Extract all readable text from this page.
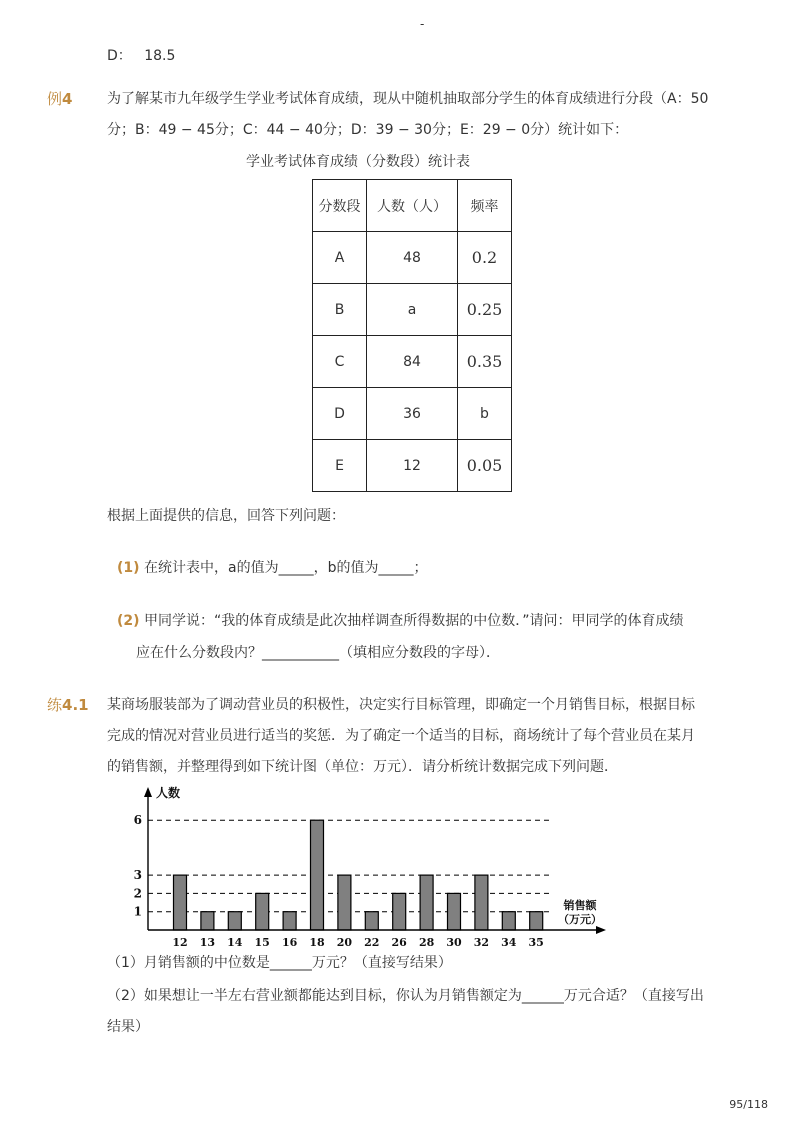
-
D： 18.5
例4 为了解某市九年级学生学业考试体育成绩，现从中随机抽取部分学生的体育成绩进行分段（A：50
分；B：49 − 45分；C：44 − 40分；D：39 − 30分；E：29 − 0分）统计如下：
学业考试体育成绩（分数段）统计表
分数段	人数（人）	频率
A	48	0.2
B	a	0.25
C	84	0.35
D	36	b
E	12	0.05
根据上面提供的信息，回答下列问题：
(1) 在统计表中，a的值为_____，b的值为_____；
(2) 甲同学说：“我的体育成绩是此次抽样调查所得数据的中位数．”请问：甲同学的体育成绩
应在什么分数段内？___________（填相应分数段的字母）．
练4.1 某商场服装部为了调动营业员的积极性，决定实行目标管理，即确定一个月销售目标，根据目标
完成的情况对营业员进行适当的奖惩．为了确定一个适当的目标，商场统计了每个营业员在某月
的销售额，并整理得到如下统计图（单位：万元）．请分析统计数据完成下列问题．
1
2
3
6
12 13 14 15 16 18 20 22 26 28 30 32 34 35
人数
销售额
（万元）
（1）月销售额的中位数是______万元？（直接写结果）
（2）如果想让一半左右营业额都能达到目标，你认为月销售额定为______万元合适？（直接写出
结果）
95/118
